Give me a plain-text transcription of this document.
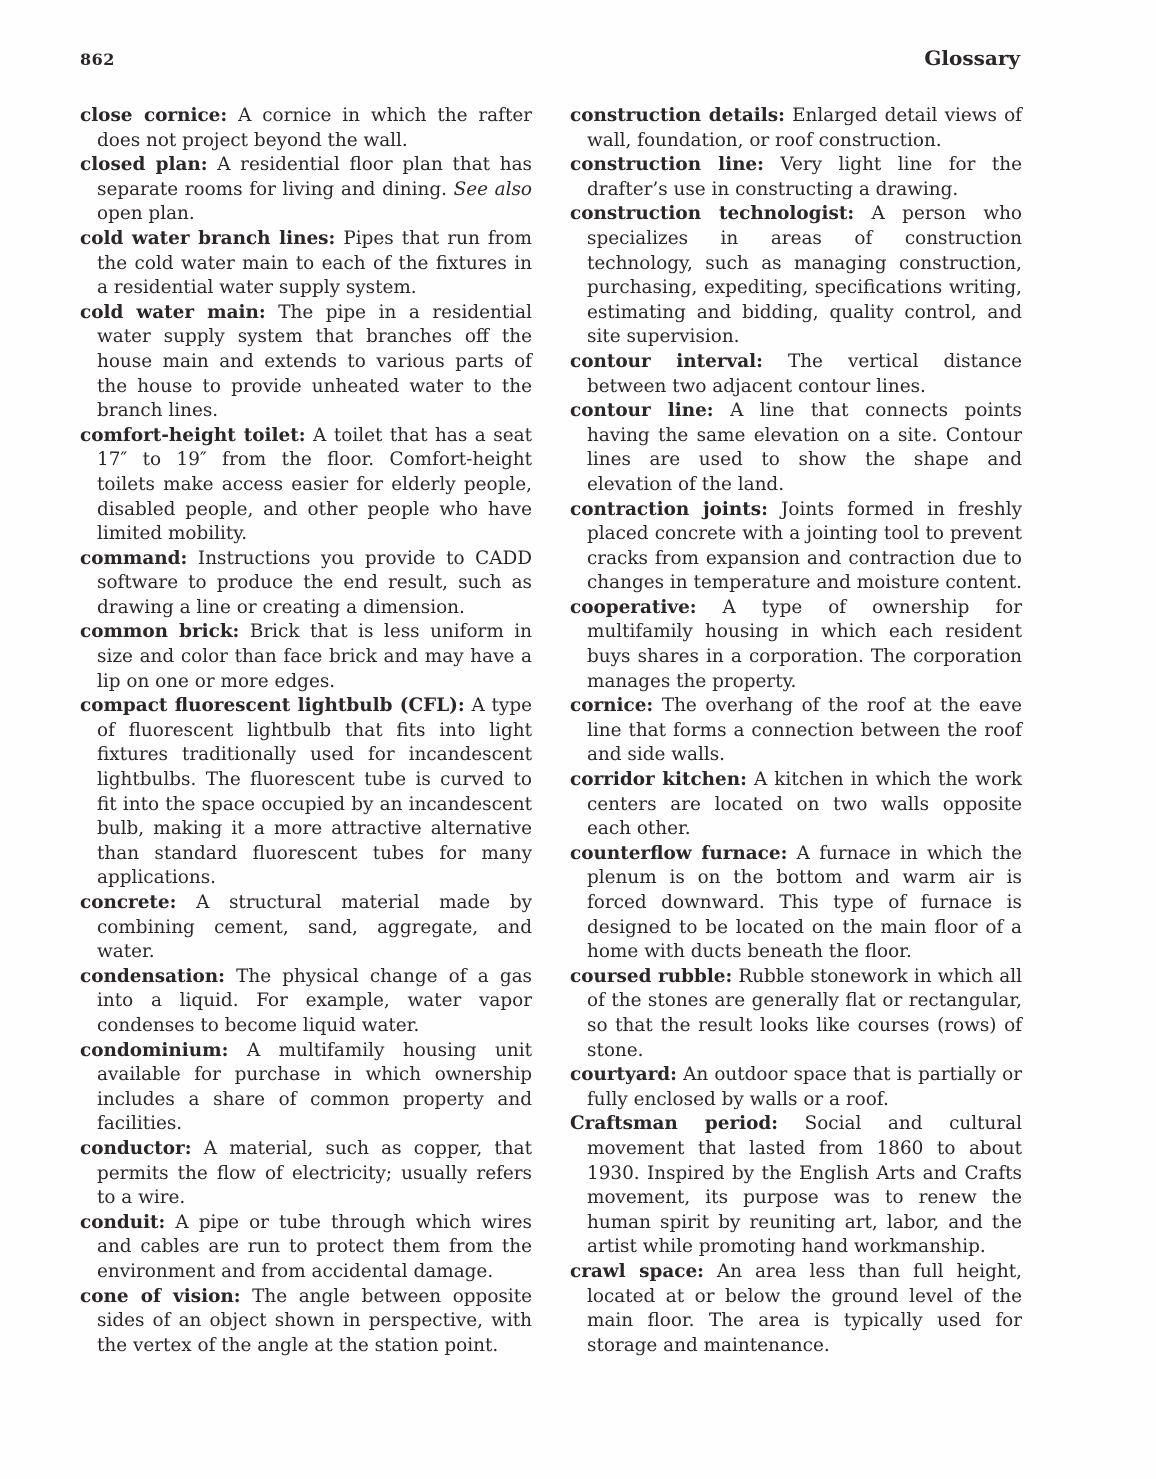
862	Glossary

close cornice: A cornice in which the rafter does not project beyond the wall.

closed plan: A residential floor plan that has separate rooms for living and dining. See also open plan.

cold water branch lines: Pipes that run from the cold water main to each of the fixtures in a residential water supply system.

cold water main: The pipe in a residential water supply system that branches off the house main and extends to various parts of the house to provide unheated water to the branch lines.

comfort-height toilet: A toilet that has a seat 17″ to 19″ from the floor. Comfort-height toilets make access easier for elderly people, disabled people, and other people who have limited mobility.

command: Instructions you provide to CADD software to produce the end result, such as drawing a line or creating a dimension.

common brick: Brick that is less uniform in size and color than face brick and may have a lip on one or more edges.

compact fluorescent lightbulb (CFL): A type of fluorescent lightbulb that fits into light fixtures traditionally used for incandescent lightbulbs. The fluorescent tube is curved to fit into the space occupied by an incandescent bulb, making it a more attractive alternative than standard fluorescent tubes for many applications.

concrete: A structural material made by combining cement, sand, aggregate, and water.

condensation: The physical change of a gas into a liquid. For example, water vapor condenses to become liquid water.

condominium: A multifamily housing unit available for purchase in which ownership includes a share of common property and facilities.

conductor: A material, such as copper, that permits the flow of electricity; usually refers to a wire.

conduit: A pipe or tube through which wires and cables are run to protect them from the environment and from accidental damage.

cone of vision: The angle between opposite sides of an object shown in perspective, with the vertex of the angle at the station point.

construction details: Enlarged detail views of wall, foundation, or roof construction.

construction line: Very light line for the drafter’s use in constructing a drawing.

construction technologist: A person who specializes in areas of construction technology, such as managing construction, purchasing, expediting, specifications writing, estimating and bidding, quality control, and site supervision.

contour interval: The vertical distance between two adjacent contour lines.

contour line: A line that connects points having the same elevation on a site. Contour lines are used to show the shape and elevation of the land.

contraction joints: Joints formed in freshly placed concrete with a jointing tool to prevent cracks from expansion and contraction due to changes in temperature and moisture content.

cooperative: A type of ownership for multifamily housing in which each resident buys shares in a corporation. The corporation manages the property.

cornice: The overhang of the roof at the eave line that forms a connection between the roof and side walls.

corridor kitchen: A kitchen in which the work centers are located on two walls opposite each other.

counterflow furnace: A furnace in which the plenum is on the bottom and warm air is forced downward. This type of furnace is designed to be located on the main floor of a home with ducts beneath the floor.

coursed rubble: Rubble stonework in which all of the stones are generally flat or rectangular, so that the result looks like courses (rows) of stone.

courtyard: An outdoor space that is partially or fully enclosed by walls or a roof.

Craftsman period: Social and cultural movement that lasted from 1860 to about 1930. Inspired by the English Arts and Crafts movement, its purpose was to renew the human spirit by reuniting art, labor, and the artist while promoting hand workmanship.

crawl space: An area less than full height, located at or below the ground level of the main floor. The area is typically used for storage and maintenance.
